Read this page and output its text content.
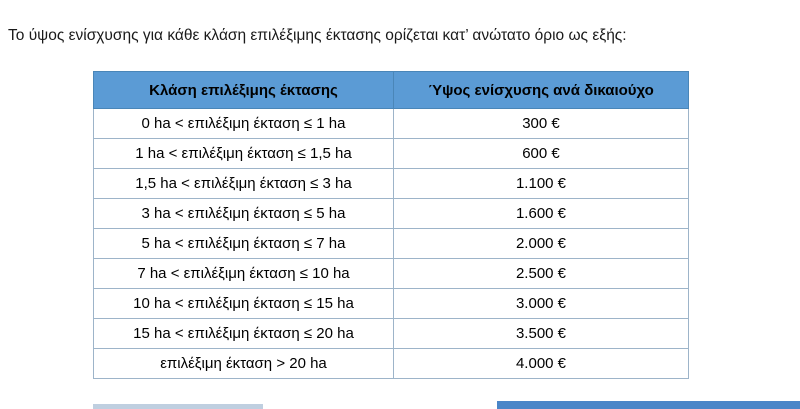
Το ύψος ενίσχυσης για κάθε κλάση επιλέξιμης έκτασης ορίζεται κατ’ ανώτατο όριο ως εξής:

Κλάση επιλέξιμης έκτασης	Ύψος ενίσχυσης ανά δικαιούχο
0 ha < επιλέξιμη έκταση ≤ 1 ha	300 €
1 ha < επιλέξιμη έκταση ≤ 1,5 ha	600 €
1,5 ha < επιλέξιμη έκταση ≤ 3 ha	1.100 €
3 ha < επιλέξιμη έκταση ≤ 5 ha	1.600 €
5 ha < επιλέξιμη έκταση ≤ 7 ha	2.000 €
7 ha < επιλέξιμη έκταση ≤ 10 ha	2.500 €
10 ha < επιλέξιμη έκταση ≤ 15 ha	3.000 €
15 ha < επιλέξιμη έκταση ≤ 20 ha	3.500 €
επιλέξιμη έκταση > 20 ha	4.000 €
